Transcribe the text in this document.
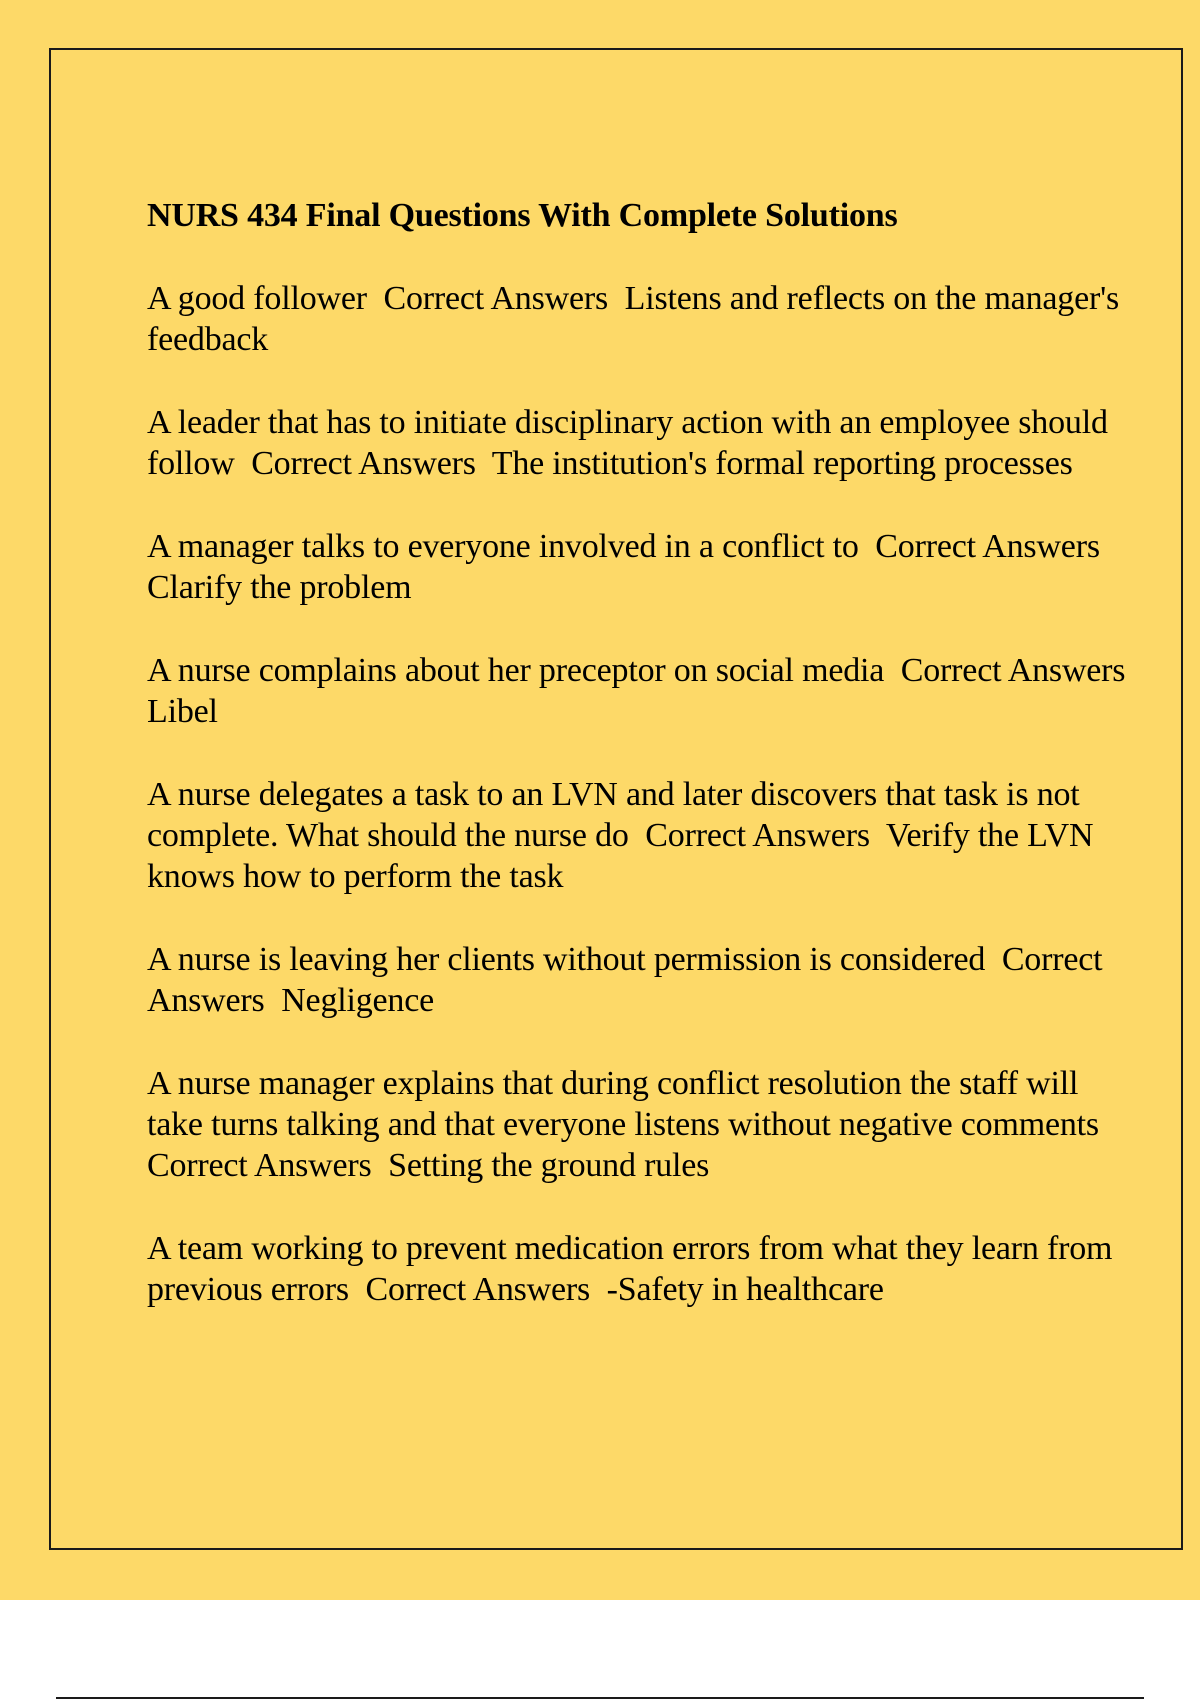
NURS 434 Final Questions With Complete Solutions
A good follower Correct Answers Listens and reflects on the manager's feedback
A leader that has to initiate disciplinary action with an employee should follow Correct Answers The institution's formal reporting processes
A manager talks to everyone involved in a conflict to Correct Answers  Clarify the problem
A nurse complains about her preceptor on social media Correct Answers  Libel
A nurse delegates a task to an LVN and later discovers that task is not complete. What should the nurse do Correct Answers Verify the LVN knows how to perform the task
A nurse is leaving her clients without permission is considered Correct Answers Negligence
A nurse manager explains that during conflict resolution the staff will take turns talking and that everyone listens without negative comments  Correct Answers Setting the ground rules
A team working to prevent medication errors from what they learn from previous errors Correct Answers -Safety in healthcare
